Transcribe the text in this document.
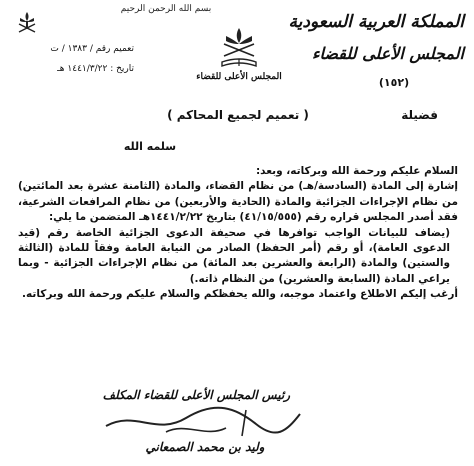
بسم الله الرحمن الرحيم
تعميم رقم / ١٣٨٣ / ت
تاريخ : ١٤٤١/٣/٢٢ هـ
المجلس الأعلى للقضاء
المملكة العربية السعودية
المجلس الأعلى للقضاء
(١٥٢)
( تعميم لجميع المحاكم )	فضيلة
سلمه الله

السلام عليكم ورحمة الله وبركاته، وبعد:

إشارة إلى المادة (السادسة/هـ) من نظام القضاء، والمادة (الثامنة عشرة بعد المائتين) من نظام الإجراءات الجزائية والمادة (الحادية والأربعين) من نظام المرافعات الشرعية، فقد أصدر المجلس قراره رقم (٤١/١٥/٥٥٥) بتاريخ ١٤٤١/٢/٢٢هـ المتضمن ما يلي:

(يضاف للبيانات الواجب توافرها في صحيفة الدعوى الجزائية الخاصة رقم (قيد الدعوى العامة)، أو رقم (أمر الحفظ) الصادر من النيابة العامة وفقاً للمادة (الثالثة والستين) والمادة (الرابعة والعشرين بعد المائة) من نظام الإجراءات الجزائية - وبما يراعي المادة (السابعة والعشرين) من النظام ذاته.)

أرغب إليكم الاطلاع واعتماد موجبه، والله يحفظكم والسلام عليكم ورحمة الله وبركاته.

رئيس المجلس الأعلى للقضاء المكلف
وليد بن محمد الصمعاني
